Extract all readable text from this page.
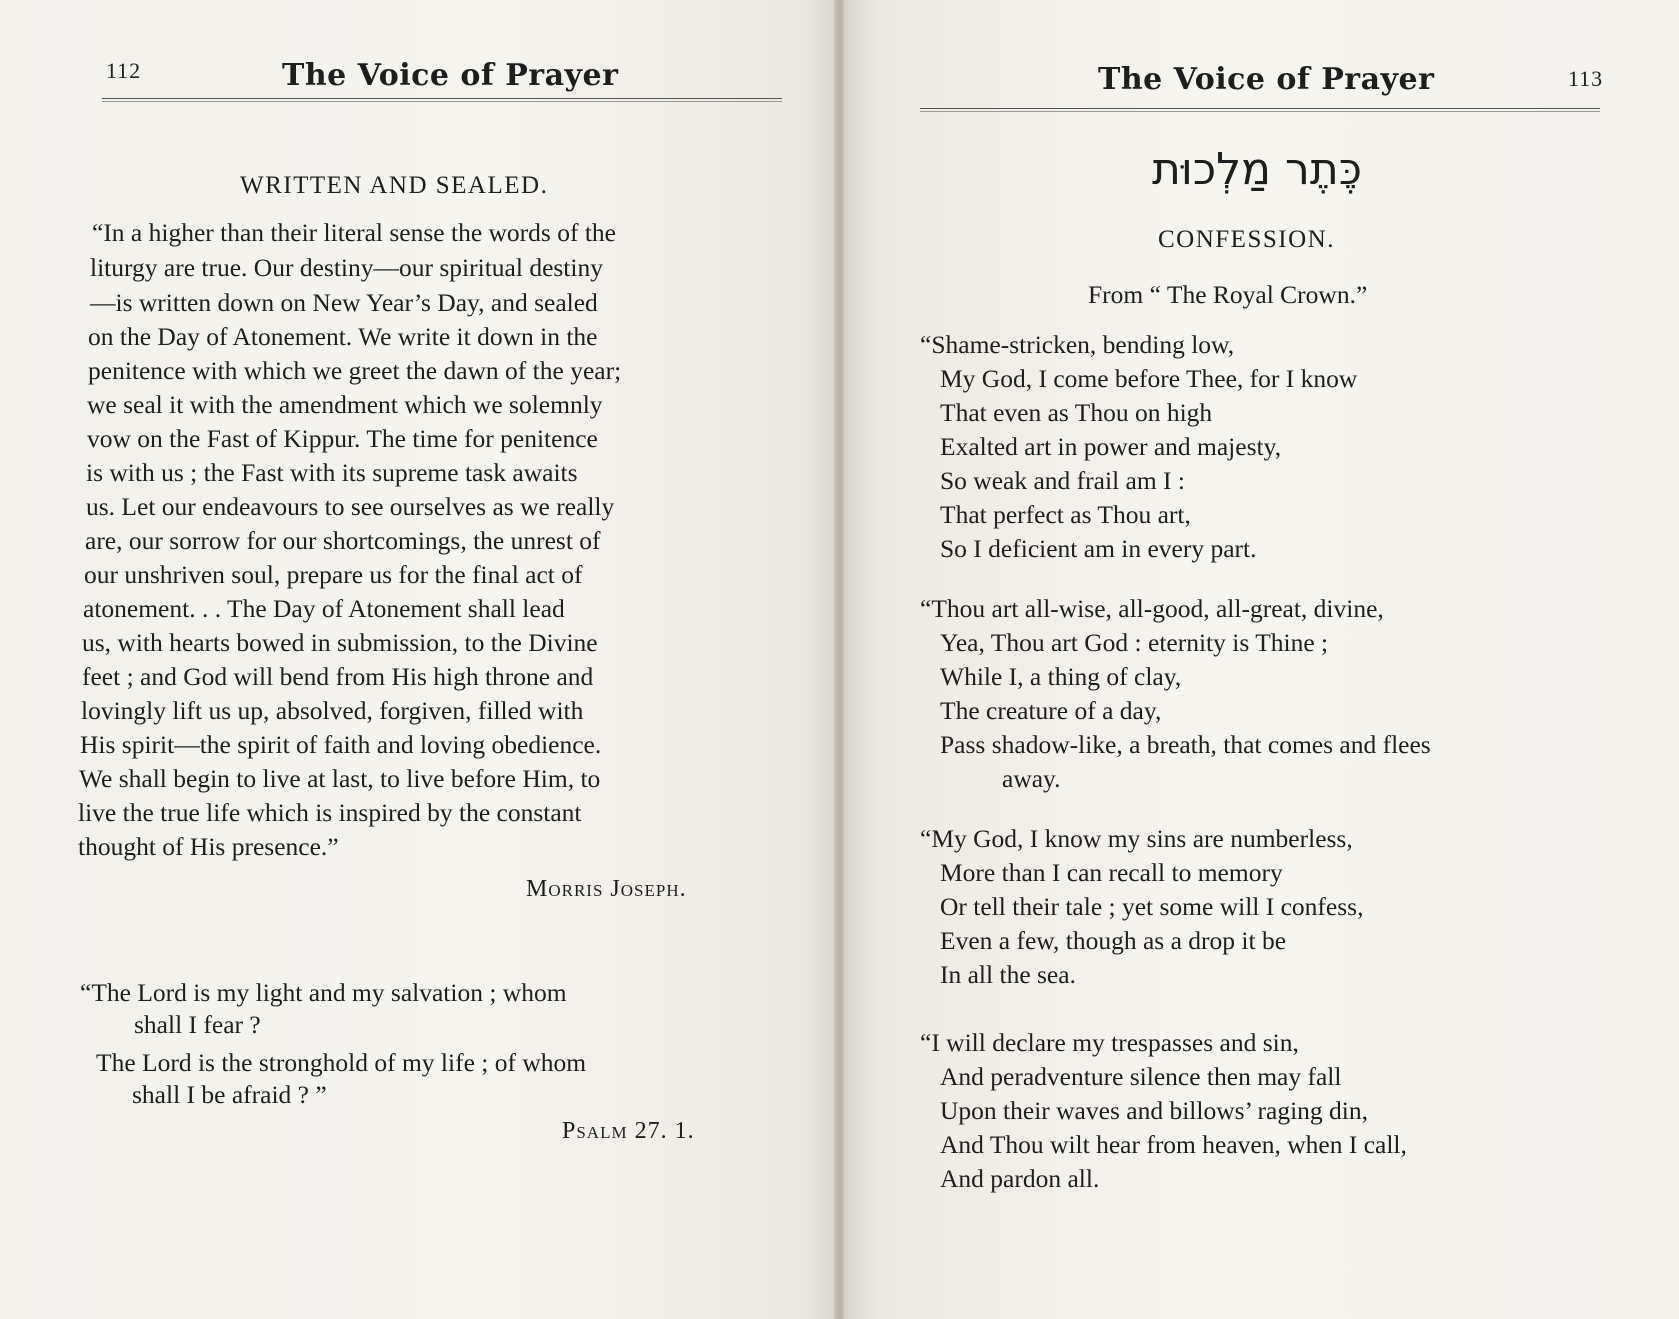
112	The Voice of Prayer
WRITTEN AND SEALED.
“In a higher than their literal sense the words of the
liturgy are true. Our destiny—our spiritual destiny
—is written down on New Year’s Day, and sealed
on the Day of Atonement. We write it down in the
penitence with which we greet the dawn of the year;
we seal it with the amendment which we solemnly
vow on the Fast of Kippur. The time for penitence
is with us ; the Fast with its supreme task awaits
us. Let our endeavours to see ourselves as we really
are, our sorrow for our shortcomings, the unrest of
our unshriven soul, prepare us for the final act of
atonement. . . The Day of Atonement shall lead
us, with hearts bowed in submission, to the Divine
feet ; and God will bend from His high throne and
lovingly lift us up, absolved, forgiven, filled with
His spirit—the spirit of faith and loving obedience.
We shall begin to live at last, to live before Him, to
live the true life which is inspired by the constant
thought of His presence.”
Morris Joseph.
“The Lord is my light and my salvation ; whom
shall I fear ?
The Lord is the stronghold of my life ; of whom
shall I be afraid ? ”
Psalm 27. 1.
The Voice of Prayer	113
כֶּתֶר מַלְכוּת
CONFESSION.
From “ The Royal Crown.”
“Shame-stricken, bending low,
My God, I come before Thee, for I know
That even as Thou on high
Exalted art in power and majesty,
So weak and frail am I :
That perfect as Thou art,
So I deficient am in every part.
“Thou art all-wise, all-good, all-great, divine,
Yea, Thou art God : eternity is Thine ;
While I, a thing of clay,
The creature of a day,
Pass shadow-like, a breath, that comes and flees
away.
“My God, I know my sins are numberless,
More than I can recall to memory
Or tell their tale ; yet some will I confess,
Even a few, though as a drop it be
In all the sea.
“I will declare my trespasses and sin,
And peradventure silence then may fall
Upon their waves and billows’ raging din,
And Thou wilt hear from heaven, when I call,
And pardon all.
